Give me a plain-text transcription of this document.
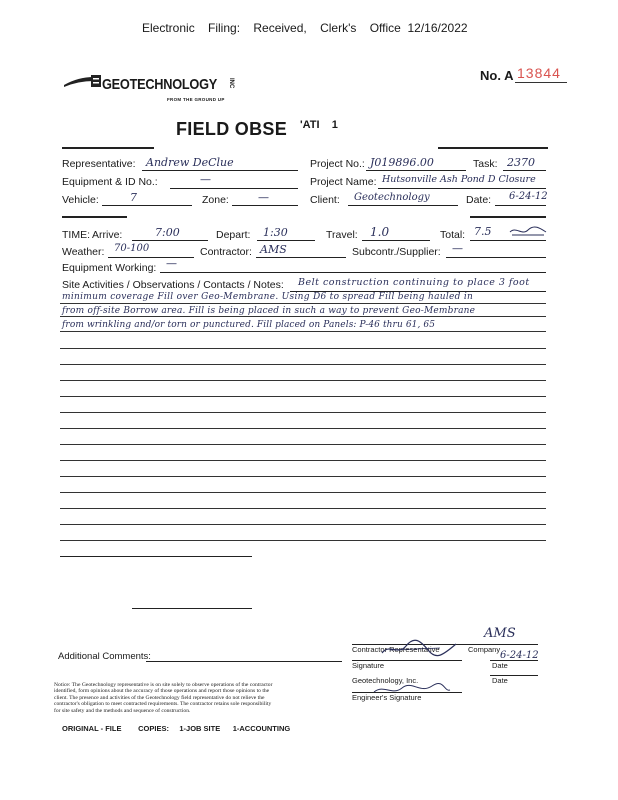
Electronic    Filing:    Received,    Clerk's    Office  12/16/2022
GEOTECHNOLOGY INC
FROM THE GROUND UP
No. A 13844
FIELD OBSE 'ATI    1
Representative: Andrew DeClue	Project No.: J019896.00	Task: 2370
Equipment & ID No.:	—	Project Name: Hutsonville Ash Pond D Closure
Vehicle:	7	Zone:	—	Client: Geotechnology	Date: 6-24-12
TIME: Arrive:	7:00	Depart: 1:30	Travel: 1.0	Total: 7.5
Weather: 70-100	Contractor: AMS	Subcontr./Supplier: —
Equipment Working: —
Site Activities / Observations / Contacts / Notes: Belt construction continuing to place 3 foot
minimum coverage Fill over Geo-Membrane. Using D6 to spread Fill being hauled in
from off-site Borrow area. Fill is being placed in such a way to prevent Geo-Membrane
from wrinkling and/or torn or punctured. Fill placed on Panels: P-46 thru 61, 65
Additional Comments:
Contractor Representative	Company
AMS
Signature
6-24-12
Date
Geotechnology, Inc.	Date
Engineer's Signature
Notice: The Geotechnology representative is on site solely to observe operations of the contractor
identified, form opinions about the accuracy of those operations and report those opinions to the
client. The presence and activities of the Geotechnology field representative do not relieve the
contractor's obligation to meet contracted requirements. The contractor retains sole responsibility
for site safety and the methods and sequence of construction.
ORIGINAL - FILE        COPIES:     1-JOB SITE      1-ACCOUNTING
